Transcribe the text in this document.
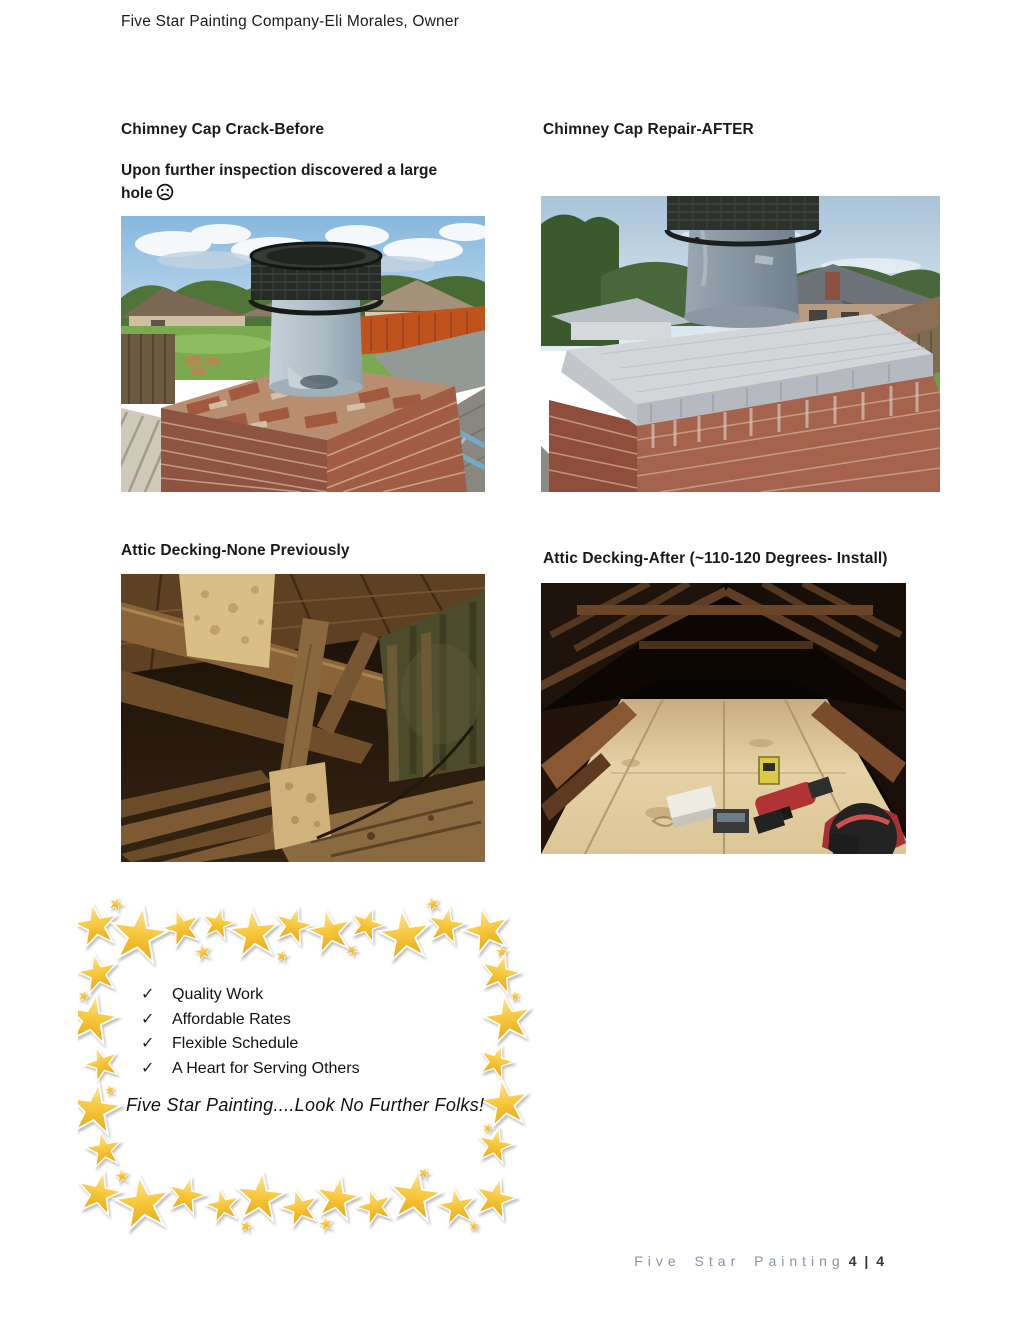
Five Star Painting Company-Eli Morales, Owner
Chimney Cap Crack-Before	Chimney Cap Repair-AFTER
Upon further inspection discovered a large hole
Attic Decking-None Previously	Attic Decking-After (~110-120 Degrees- Install)
✓	Quality Work
✓	Affordable Rates
✓	Flexible Schedule
✓	A Heart for Serving Others
Five Star Painting....Look No Further Folks!
Five Star Painting 4 | 4
